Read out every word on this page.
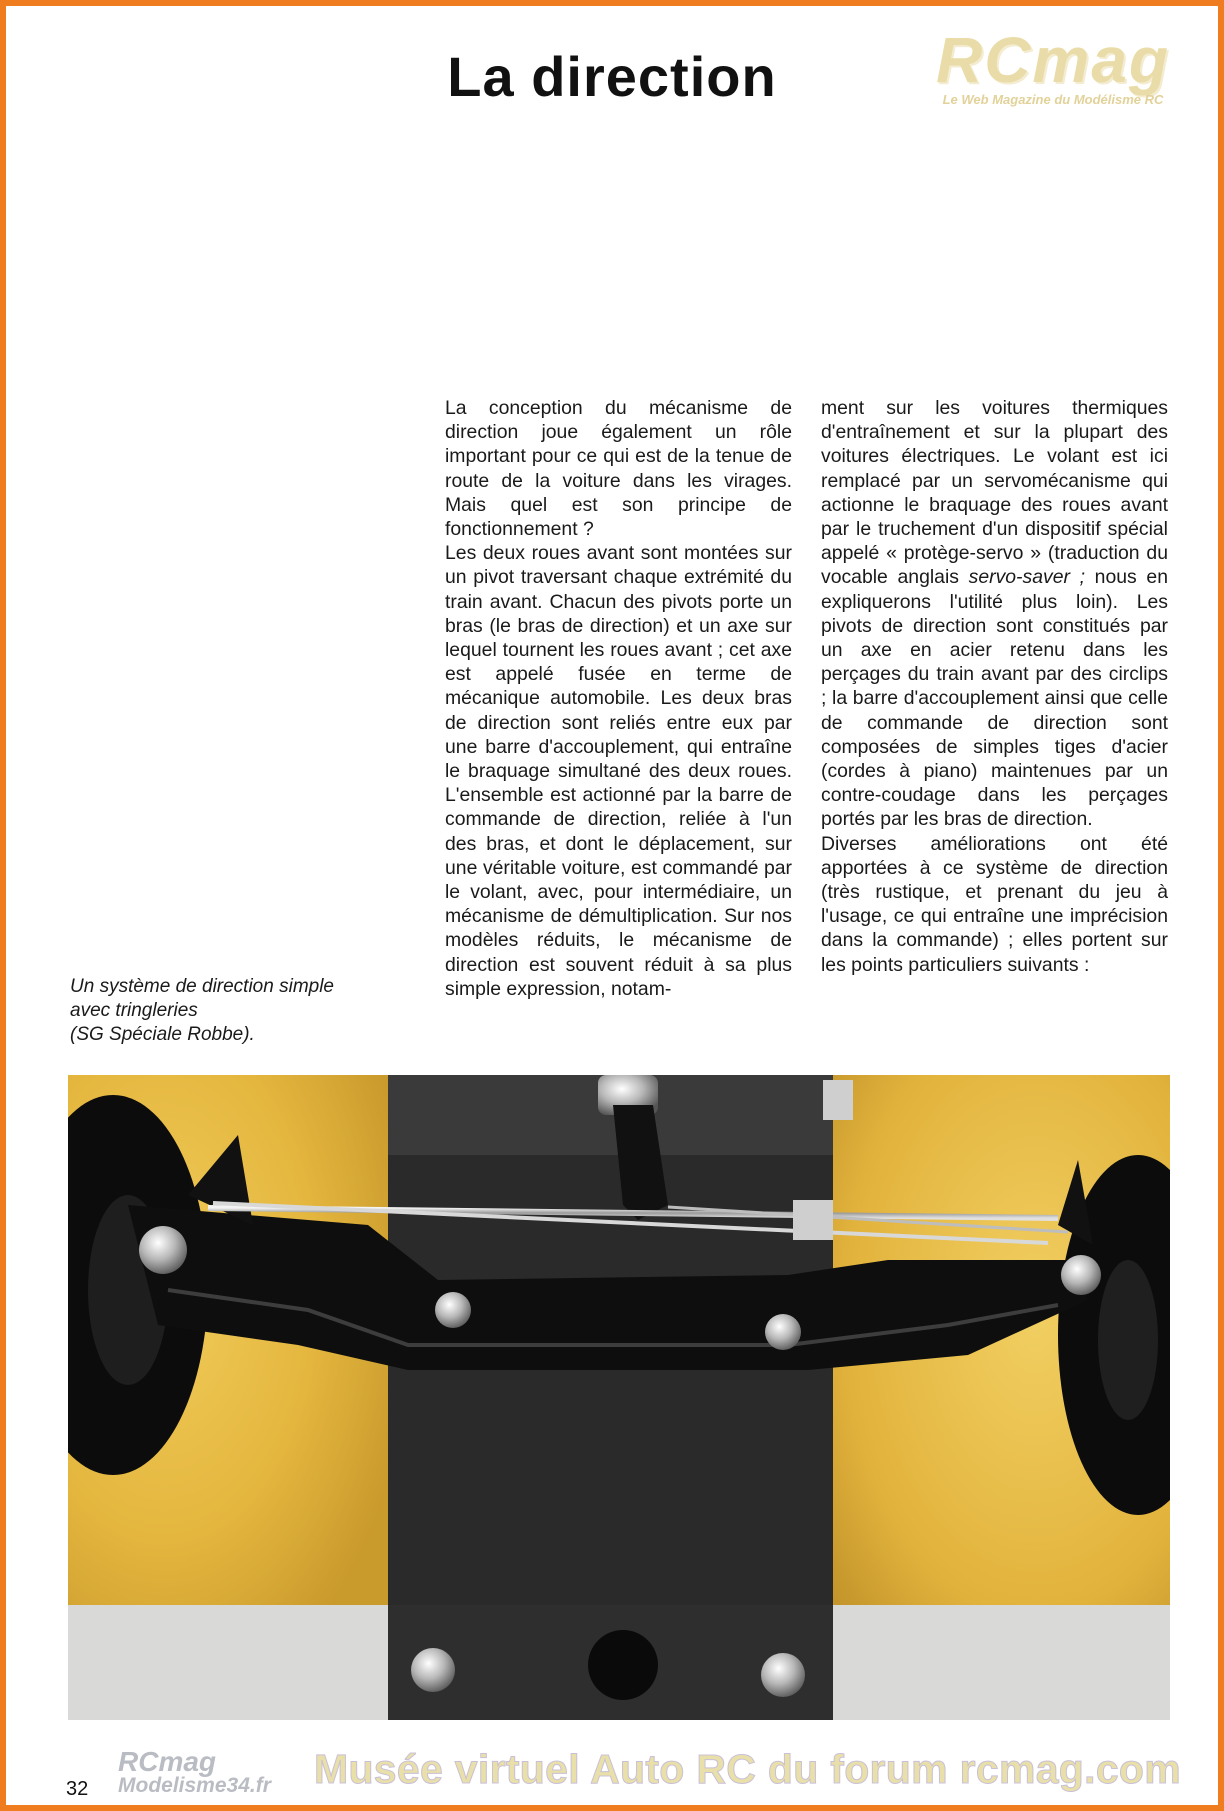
RCmag
Le Web Magazine du Modélisme RC
La direction

La conception du mécanisme de direction joue également un rôle important pour ce qui est de la tenue de route de la voiture dans les virages. Mais quel est son principe de fonctionnement ?

Les deux roues avant sont montées sur un pivot traversant chaque extrémité du train avant. Chacun des pivots porte un bras (le bras de direction) et un axe sur lequel tournent les roues avant ; cet axe est appelé fusée en terme de mécanique automobile. Les deux bras de direction sont reliés entre eux par une barre d'accouplement, qui entraîne le braquage simultané des deux roues. L'ensemble est actionné par la barre de commande de direction, reliée à l'un des bras, et dont le déplacement, sur une véritable voiture, est commandé par le volant, avec, pour intermédiaire, un mécanisme de démultiplication. Sur nos modèles réduits, le mécanisme de direction est souvent réduit à sa plus simple expression, notam-

ment sur les voitures thermiques d'entraînement et sur la plupart des voitures électriques. Le volant est ici remplacé par un servomécanisme qui actionne le braquage des roues avant par le truchement d'un dispositif spécial appelé « protège-servo » (traduction du vocable anglais servo-saver ; nous en expliquerons l'utilité plus loin). Les pivots de direction sont constitués par un axe en acier retenu dans les perçages du train avant par des circlips ; la barre d'accouplement ainsi que celle de commande de direction sont composées de simples tiges d'acier (cordes à piano) maintenues par un contre-coudage dans les perçages portés par les bras de direction.

Diverses améliorations ont été apportées à ce système de direction (très rustique, et prenant du jeu à l'usage, ce qui entraîne une imprécision dans la commande) ; elles portent sur les points particuliers suivants :

Un système de direction simple
avec tringleries
(SG Spéciale Robbe).
32
RCmag
Modelisme34.fr Musée virtuel Auto RC du forum rcmag.com
